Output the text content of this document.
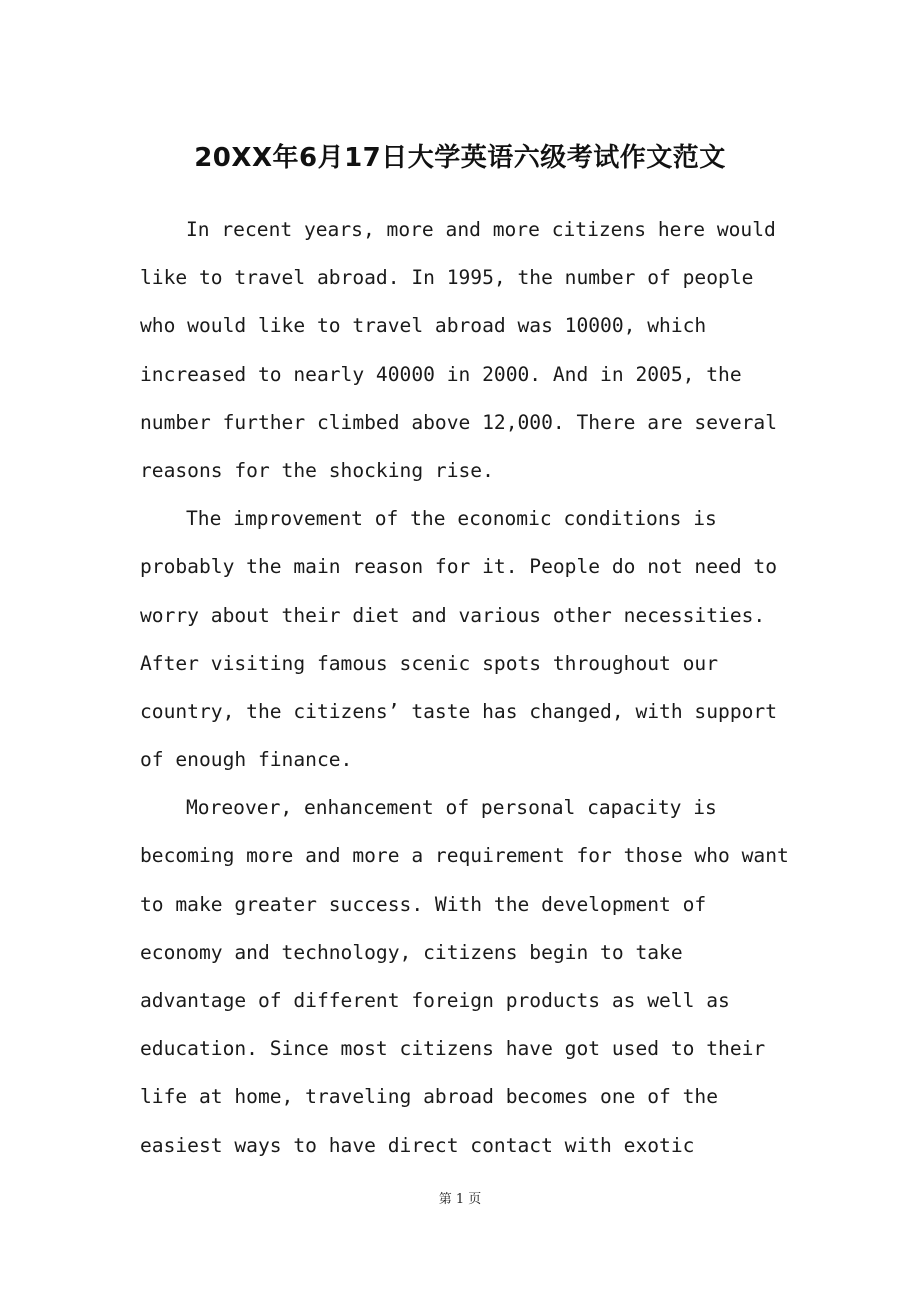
20XX年6月17日大学英语六级考试作文范文
In recent years, more and more citizens here would
like to travel abroad. In 1995, the number of people
who would like to travel abroad was 10000, which
increased to nearly 40000 in 2000. And in 2005, the
number further climbed above 12,000. There are several
reasons for the shocking rise.
The improvement of the economic conditions is
probably the main reason for it. People do not need to
worry about their diet and various other necessities.
After visiting famous scenic spots throughout our
country, the citizens’ taste has changed, with support
of enough finance.
Moreover, enhancement of personal capacity is
becoming more and more a requirement for those who want
to make greater success. With the development of
economy and technology, citizens begin to take
advantage of different foreign products as well as
education. Since most citizens have got used to their
life at home, traveling abroad becomes one of the
easiest ways to have direct contact with exotic
第 1 页
